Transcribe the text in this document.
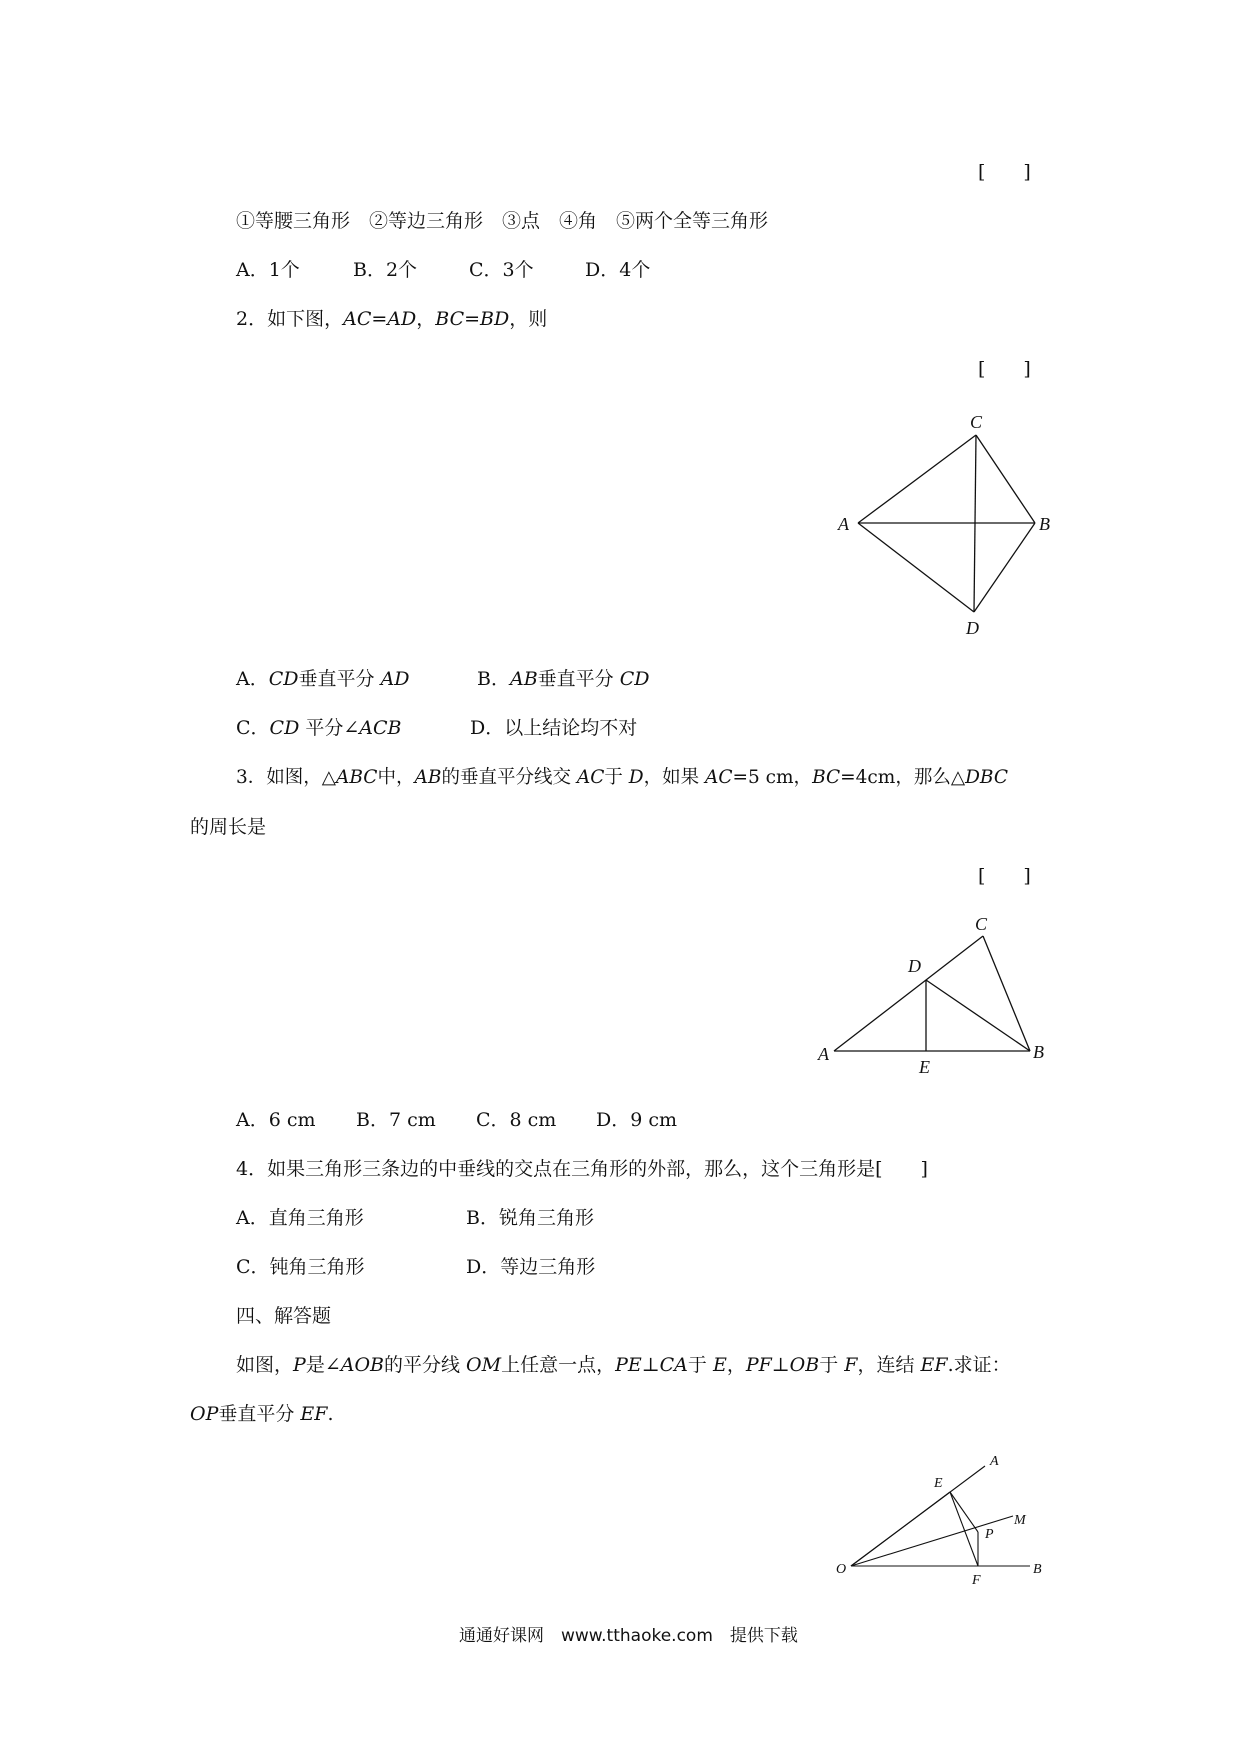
[　　]
①等腰三角形　②等边三角形　③点　④角　⑤两个全等三角形
A．1个	B．2个	C．3个	D．4个
2．如下图，AC=AD，BC=BD，则
[　　]
C
A	B
D
A．CD垂直平分 AD	B．AB垂直平分 CD
C．CD 平分∠ACB	D．以上结论均不对
3．如图，△ABC中，AB的垂直平分线交 AC于 D，如果 AC=5 cm，BC=4cm，那么△DBC
的周长是
[　　]
C
D
A	B
E
A．6 cm B．7 cm C．8 cm D．9 cm
4．如果三角形三条边的中垂线的交点在三角形的外部，那么，这个三角形是[　　]
A．直角三角形	B．锐角三角形
C．钝角三角形	D．等边三角形
四、解答题
如图，P是∠AOB的平分线 OM上任意一点，PE⊥CA于 E，PF⊥OB于 F，连结 EF.求证：
OP垂直平分 EF.
A
E
M
P
O
F
B
通通好课网　www.tthaoke.com　提供下载
